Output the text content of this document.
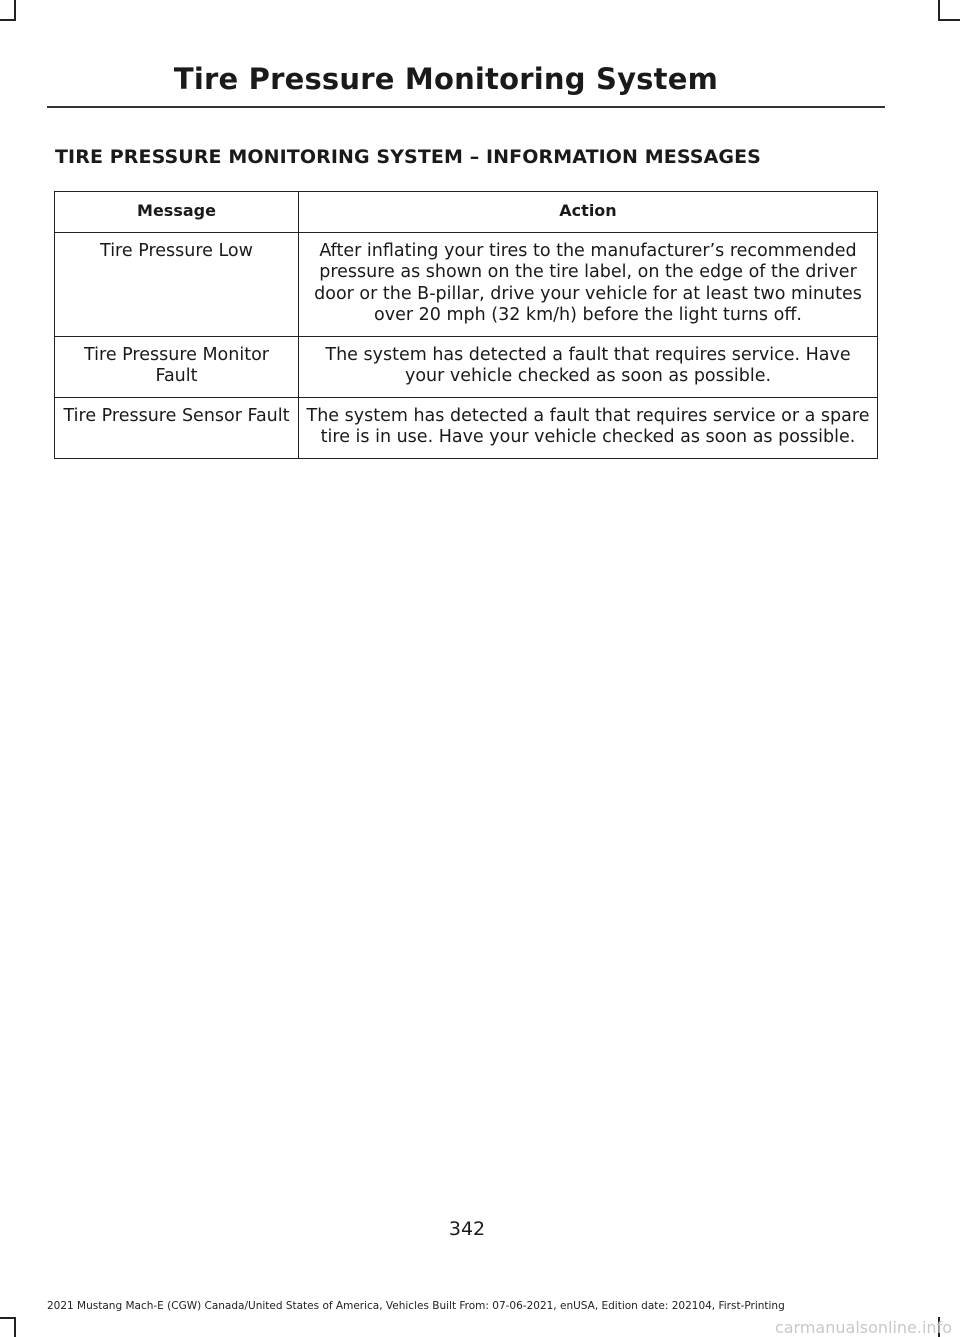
Tire Pressure Monitoring System
TIRE PRESSURE MONITORING SYSTEM – INFORMATION MESSAGES
Message	Action
Tire Pressure Low	After inflating your tires to the manufacturer’s recommended pressure as shown on the tire label, on the edge of the driver door or the B-pillar, drive your vehicle for at least two minutes over 20 mph (32 km/h) before the light turns off.
Tire Pressure Monitor Fault	The system has detected a fault that requires service. Have your vehicle checked as soon as possible.
Tire Pressure Sensor Fault	The system has detected a fault that requires service or a spare tire is in use. Have your vehicle checked as soon as possible.
342
2021 Mustang Mach-E (CGW) Canada/United States of America, Vehicles Built From: 07-06-2021, enUSA, Edition date: 202104, First-Printing
carmanualsonline.info
